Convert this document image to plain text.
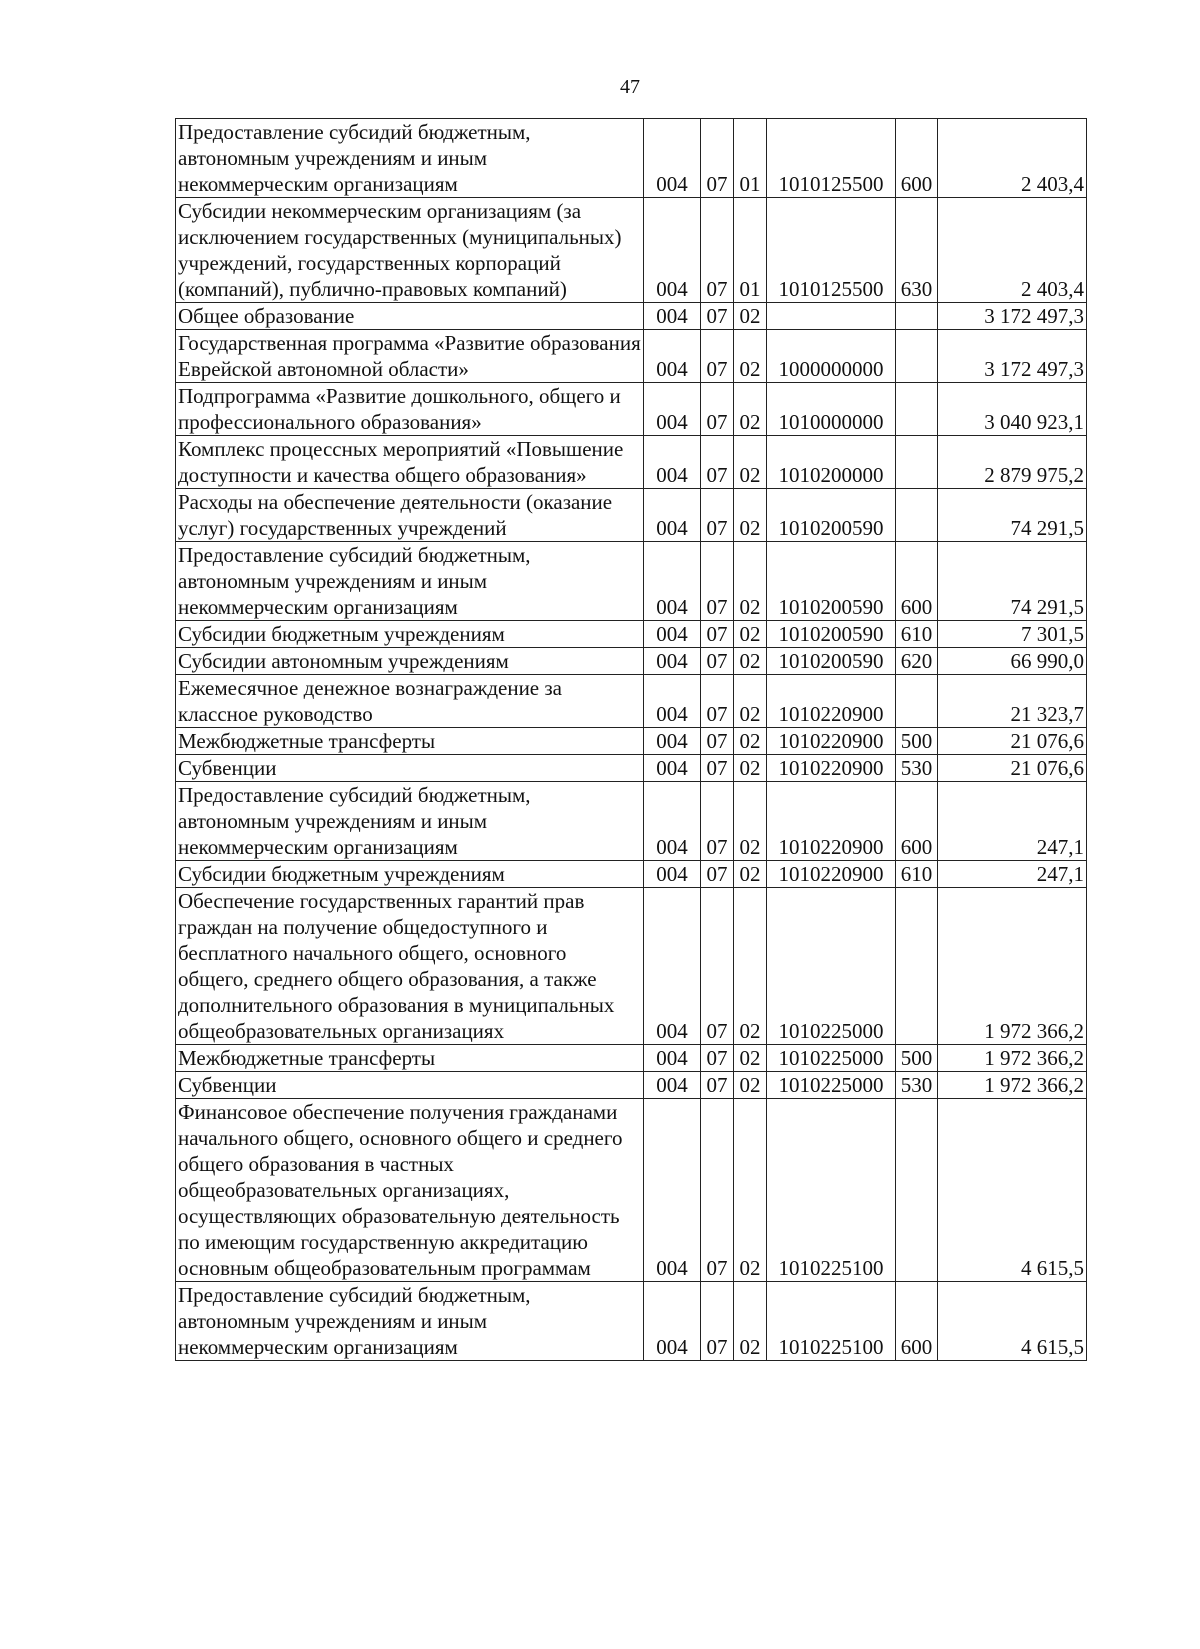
47
Предоставление субсидий бюджетным, автономным учреждениям и иным некоммерческим организациям	004	07	01	1010125500	600	2 403,4
Субсидии некоммерческим организациям (за исключением государственных (муниципальных) учреждений, государственных корпораций (компаний), публично-правовых компаний)	004	07	01	1010125500	630	2 403,4
Общее образование	004	07	02			3 172 497,3
Государственная программа «Развитие образования Еврейской автономной области»	004	07	02	1000000000		3 172 497,3
Подпрограмма «Развитие дошкольного, общего и профессионального образования»	004	07	02	1010000000		3 040 923,1
Комплекс процессных мероприятий «Повышение доступности и качества общего образования»	004	07	02	1010200000		2 879 975,2
Расходы на обеспечение деятельности (оказание услуг) государственных учреждений	004	07	02	1010200590		74 291,5
Предоставление субсидий бюджетным, автономным учреждениям и иным некоммерческим организациям	004	07	02	1010200590	600	74 291,5
Субсидии бюджетным учреждениям	004	07	02	1010200590	610	7 301,5
Субсидии автономным учреждениям	004	07	02	1010200590	620	66 990,0
Ежемесячное денежное вознаграждение за классное руководство	004	07	02	1010220900		21 323,7
Межбюджетные трансферты	004	07	02	1010220900	500	21 076,6
Субвенции	004	07	02	1010220900	530	21 076,6
Предоставление субсидий бюджетным, автономным учреждениям и иным некоммерческим организациям	004	07	02	1010220900	600	247,1
Субсидии бюджетным учреждениям	004	07	02	1010220900	610	247,1
Обеспечение государственных гарантий прав граждан на получение общедоступного и бесплатного начального общего, основного общего, среднего общего образования, а также дополнительного образования в муниципальных общеобразовательных организациях	004	07	02	1010225000		1 972 366,2
Межбюджетные трансферты	004	07	02	1010225000	500	1 972 366,2
Субвенции	004	07	02	1010225000	530	1 972 366,2
Финансовое обеспечение получения гражданами начального общего, основного общего и среднего общего образования в частных общеобразовательных организациях, осуществляющих образовательную деятельность по имеющим государственную аккредитацию основным общеобразовательным программам	004	07	02	1010225100		4 615,5
Предоставление субсидий бюджетным, автономным учреждениям и иным некоммерческим организациям	004	07	02	1010225100	600	4 615,5
